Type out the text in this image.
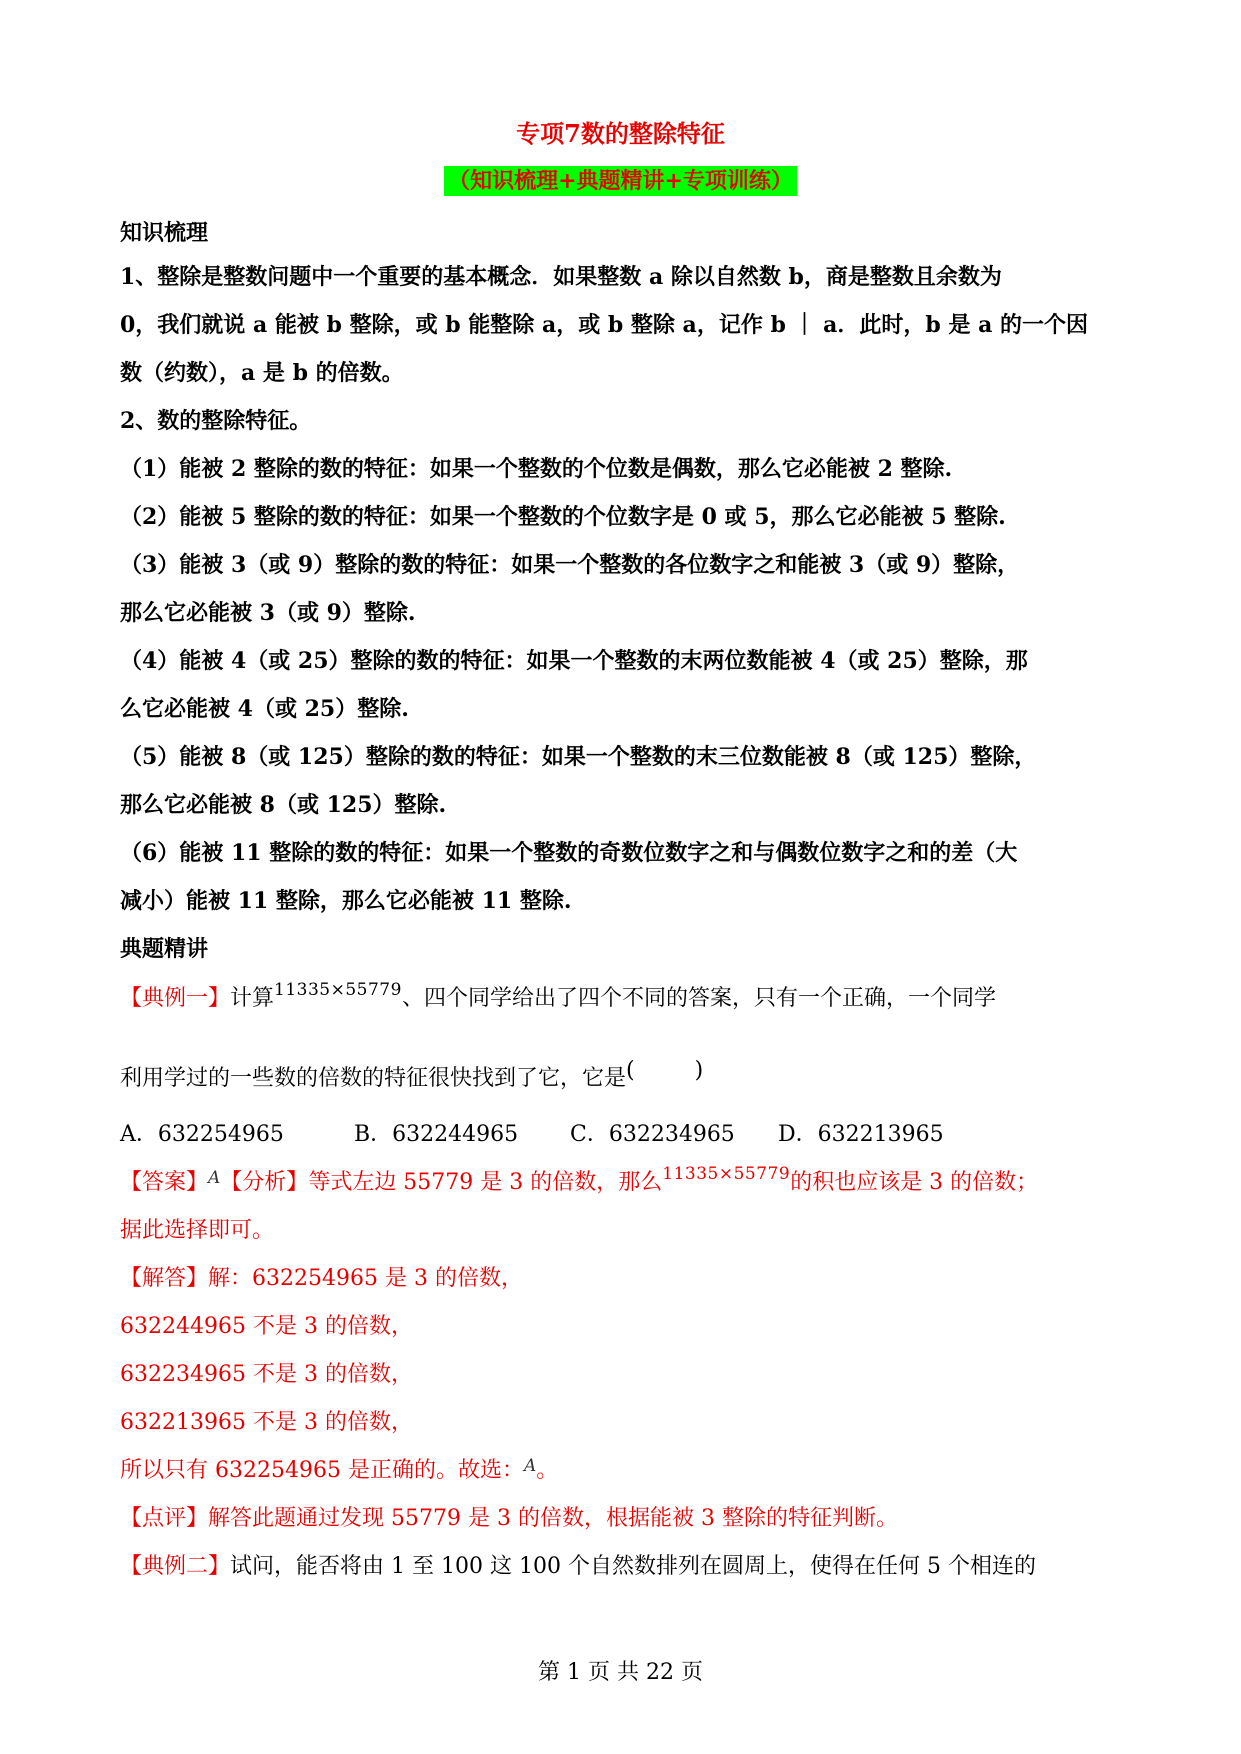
专项7数的整除特征
（知识梳理+典题精讲+专项训练）
知识梳理
1、整除是整数问题中一个重要的基本概念．如果整数 a 除以自然数 b，商是整数且余数为
0，我们就说 a 能被 b 整除，或 b 能整除 a，或 b 整除 a，记作 b ｜ a．此时，b 是 a 的一个因
数（约数），a 是 b 的倍数。
2、数的整除特征。
（1）能被 2 整除的数的特征：如果一个整数的个位数是偶数，那么它必能被 2 整除.
（2）能被 5 整除的数的特征：如果一个整数的个位数字是 0 或 5，那么它必能被 5 整除.
（3）能被 3（或 9）整除的数的特征：如果一个整数的各位数字之和能被 3（或 9）整除，
那么它必能被 3（或 9）整除.
（4）能被 4（或 25）整除的数的特征：如果一个整数的末两位数能被 4（或 25）整除，那
么它必能被 4（或 25）整除.
（5）能被 8（或 125）整除的数的特征：如果一个整数的末三位数能被 8（或 125）整除，
那么它必能被 8（或 125）整除.
（6）能被 11 整除的数的特征：如果一个整数的奇数位数字之和与偶数位数字之和的差（大
减小）能被 11 整除，那么它必能被 11 整除.
典题精讲
【典例一】计算$^{11335\times 55779}$、四个同学给出了四个不同的答案，只有一个正确，一个同学
利用学过的一些数的倍数的特征很快找到了它，它是(	)
A．632254965	B．632244965 C．632234965 D．632213965
【答案】$^A$【分析】等式左边 55779 是 3 的倍数，那么$^{11335\times 55779}$的积也应该是 3 的倍数；
据此选择即可。
【解答】解：632254965 是 3 的倍数，
632244965 不是 3 的倍数，
632234965 不是 3 的倍数，
632213965 不是 3 的倍数，
所以只有 632254965 是正确的。故选：$^A$。
【点评】解答此题通过发现 55779 是 3 的倍数，根据能被 3 整除的特征判断。
【典例二】试问，能否将由 1 至 100 这 100 个自然数排列在圆周上，使得在任何 5 个相连的
第 1 页 共 22 页
